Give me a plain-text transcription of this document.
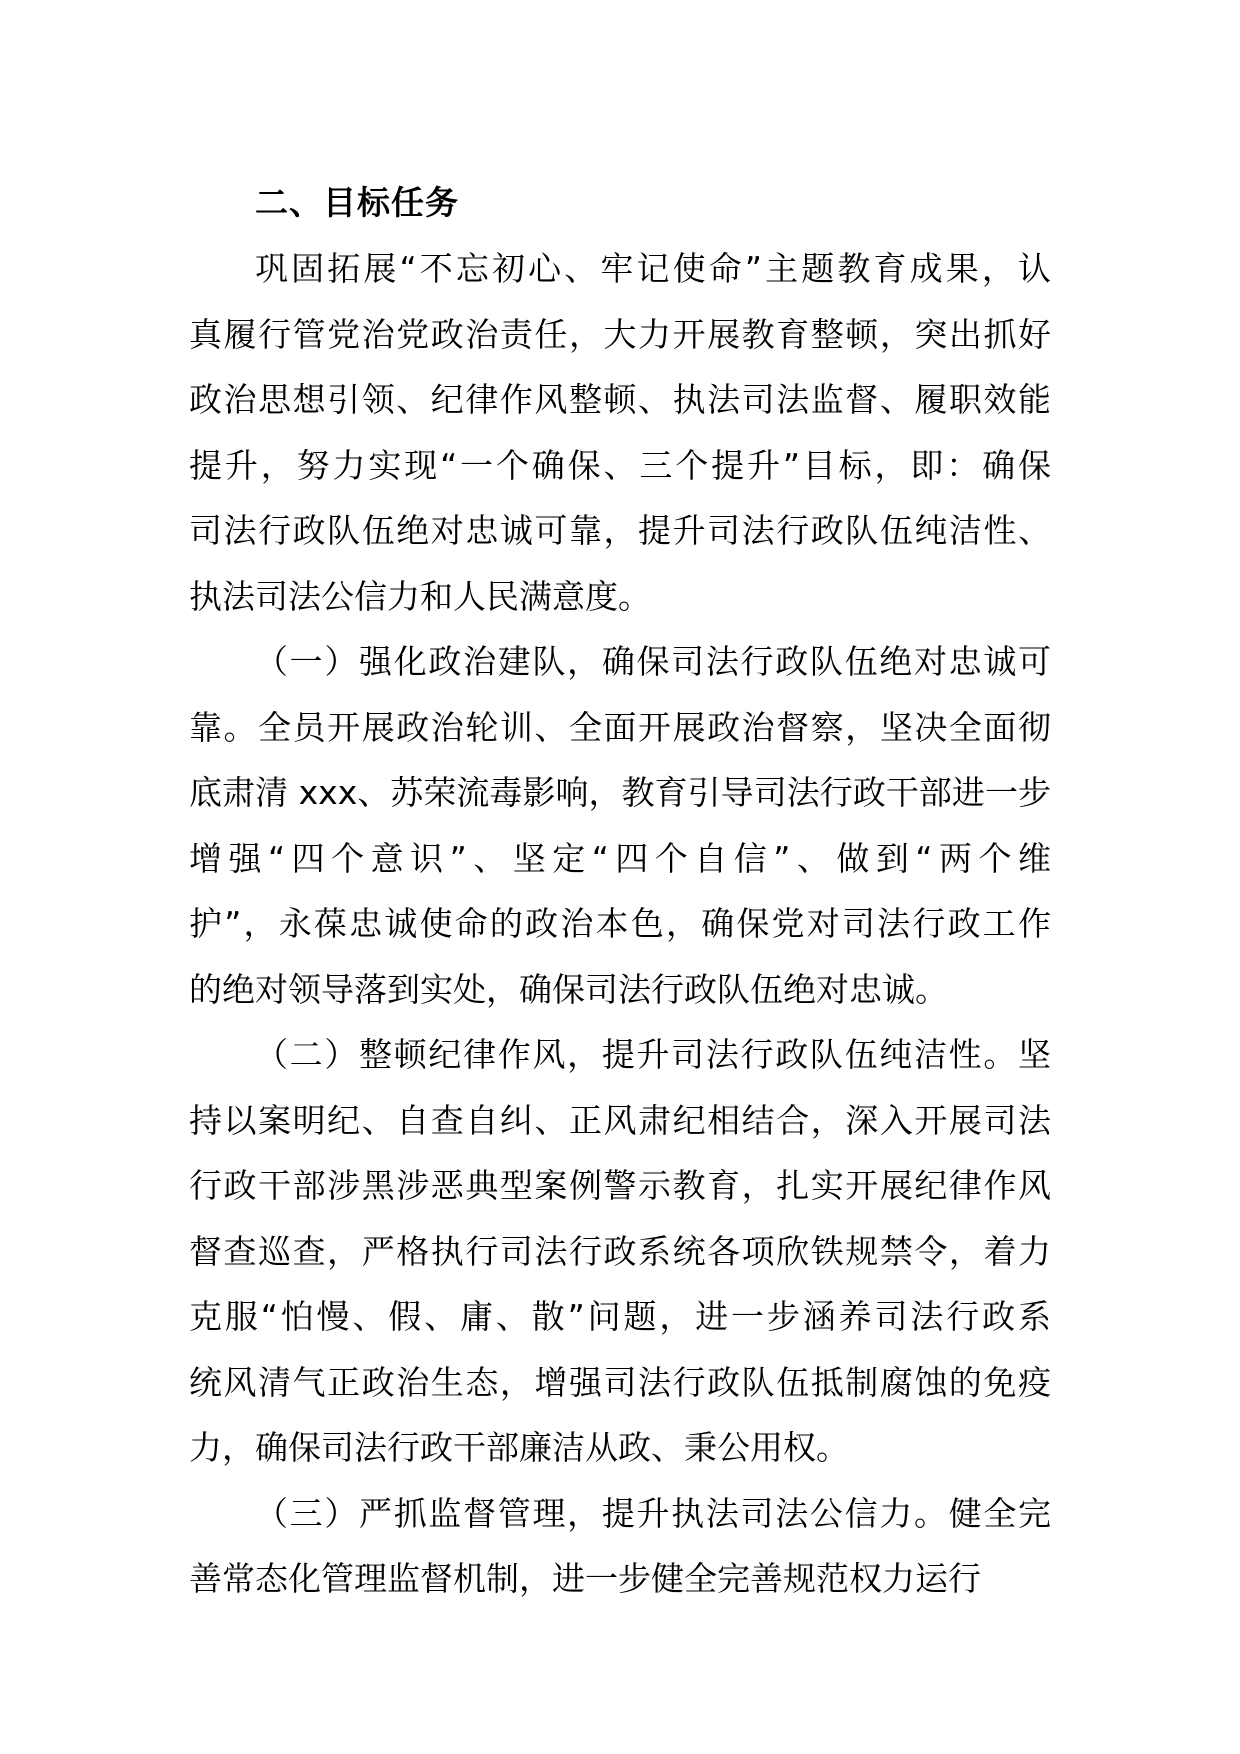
二、目标任务
巩固拓展“不忘初心、牢记使命”主题教育成果，认
真履行管党治党政治责任，大力开展教育整顿，突出抓好
政治思想引领、纪律作风整顿、执法司法监督、履职效能
提升，努力实现“一个确保、三个提升”目标，即：确保
司法行政队伍绝对忠诚可靠，提升司法行政队伍纯洁性、
执法司法公信力和人民满意度。
（一）强化政治建队，确保司法行政队伍绝对忠诚可
靠。全员开展政治轮训、全面开展政治督察，坚决全面彻
底肃清 xxx、苏荣流毒影响，教育引导司法行政干部进一步
增强“四个意识”、坚定“四个自信”、做到“两个维
护”，永葆忠诚使命的政治本色，确保党对司法行政工作
的绝对领导落到实处，确保司法行政队伍绝对忠诚。
（二）整顿纪律作风，提升司法行政队伍纯洁性。坚
持以案明纪、自查自纠、正风肃纪相结合，深入开展司法
行政干部涉黑涉恶典型案例警示教育，扎实开展纪律作风
督查巡查，严格执行司法行政系统各项欣铁规禁令，着力
克服“怕慢、假、庸、散”问题，进一步涵养司法行政系
统风清气正政治生态，增强司法行政队伍抵制腐蚀的免疫
力，确保司法行政干部廉洁从政、秉公用权。
（三）严抓监督管理，提升执法司法公信力。健全完
善常态化管理监督机制，进一步健全完善规范权力运行
